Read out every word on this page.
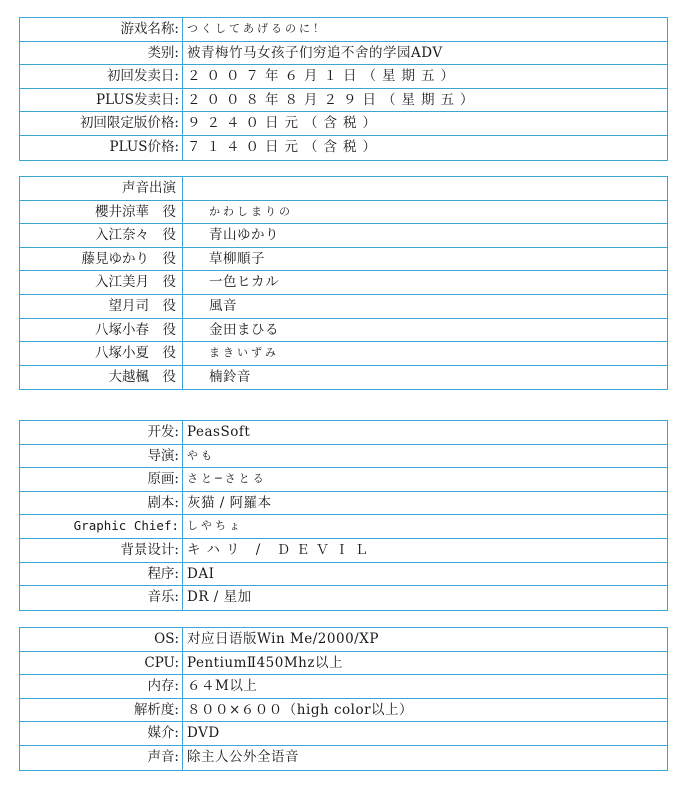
游戏名称: つくしてあげるのに！
类别: 被青梅竹马女孩子们穷追不舍的学园ADV
初回发卖日: ２００７年６月１日（星期五）
PLUS发卖日: ２００８年８月２９日（星期五）
初回限定版价格: ９２４０日元（含税）
PLUS价格: ７１４０日元（含税）
声音出演
櫻井涼華　役	かわしまりの
入江奈々　役	青山ゆかり
藤見ゆかり　役	草柳順子
入江美月　役	一色ヒカル
望月司　役	風音
八塚小春　役	金田まひる
八塚小夏　役	まきいずみ
大越楓　役	楠鈴音
开发: PeasSoft
导演: やも
原画: さと─さとる
剧本: 灰猫 / 阿羅本
Graphic Chief: しやちょ
背景设计: キハリ / ＤＥＶＩＬ
程序: DAI
音乐: DR / 星加
OS: 对应日语版Win Me/2000/XP
CPU: PentiumⅡ450Mhz以上
内存: ６４M以上
解析度: ８００×６００（high color以上）
媒介: DVD
声音: 除主人公外全语音
